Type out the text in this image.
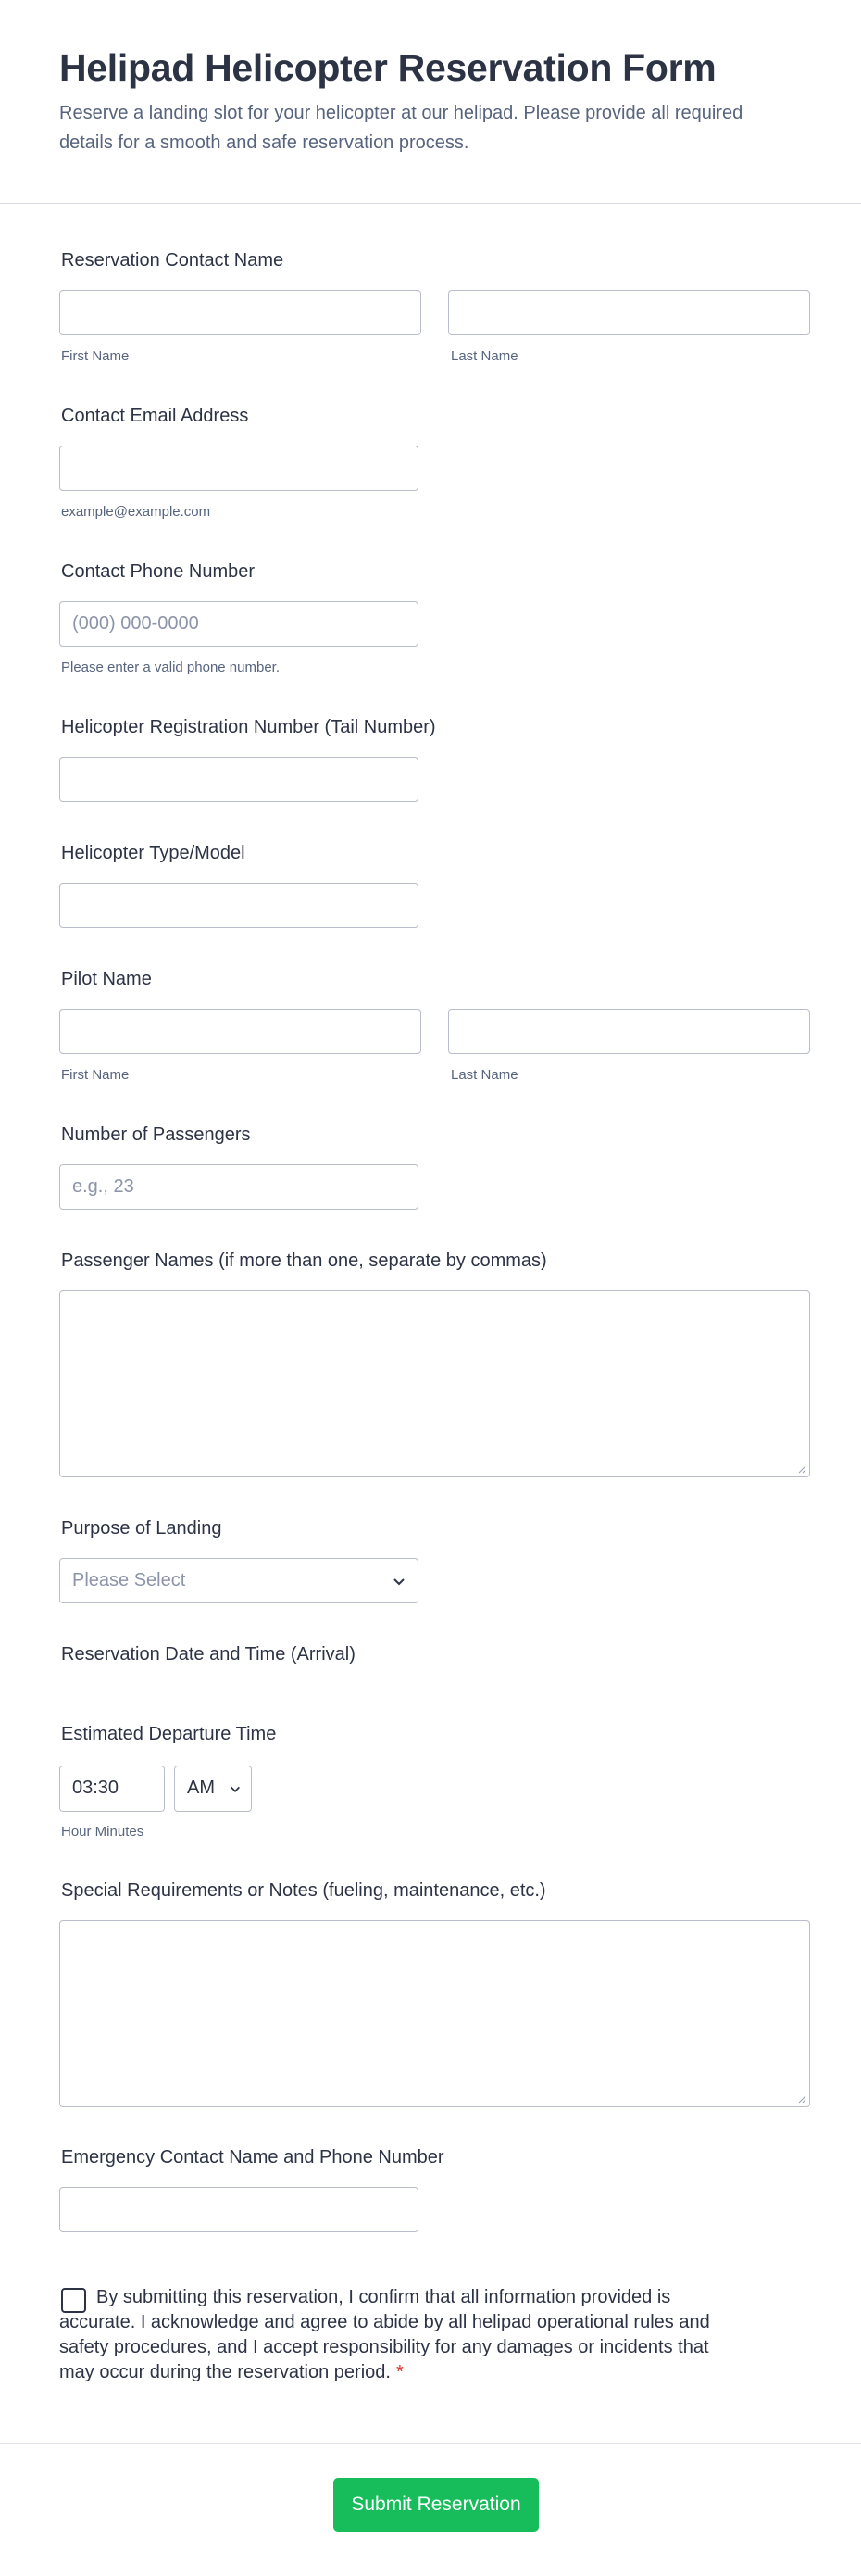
Helipad Helicopter Reservation Form

Reserve a landing slot for your helicopter at our helipad. Please provide all required details for a smooth and safe reservation process.

Reservation Contact Name

First Name	Last Name

Contact Email Address

example@example.com

Contact Phone Number

(000) 000-0000

Please enter a valid phone number.

Helicopter Registration Number (Tail Number)

Helicopter Type/Model

Pilot Name

First Name	Last Name

Number of Passengers

e.g., 23

Passenger Names (if more than one, separate by commas)

Purpose of Landing

Please Select

Reservation Date and Time (Arrival)

Estimated Departure Time

03:30	AM

Hour Minutes

Special Requirements or Notes (fueling, maintenance, etc.)

Emergency Contact Name and Phone Number

By submitting this reservation, I confirm that all information provided is accurate. I acknowledge and agree to abide by all helipad operational rules and safety procedures, and I accept responsibility for any damages or incidents that may occur during the reservation period. *

Submit Reservation
